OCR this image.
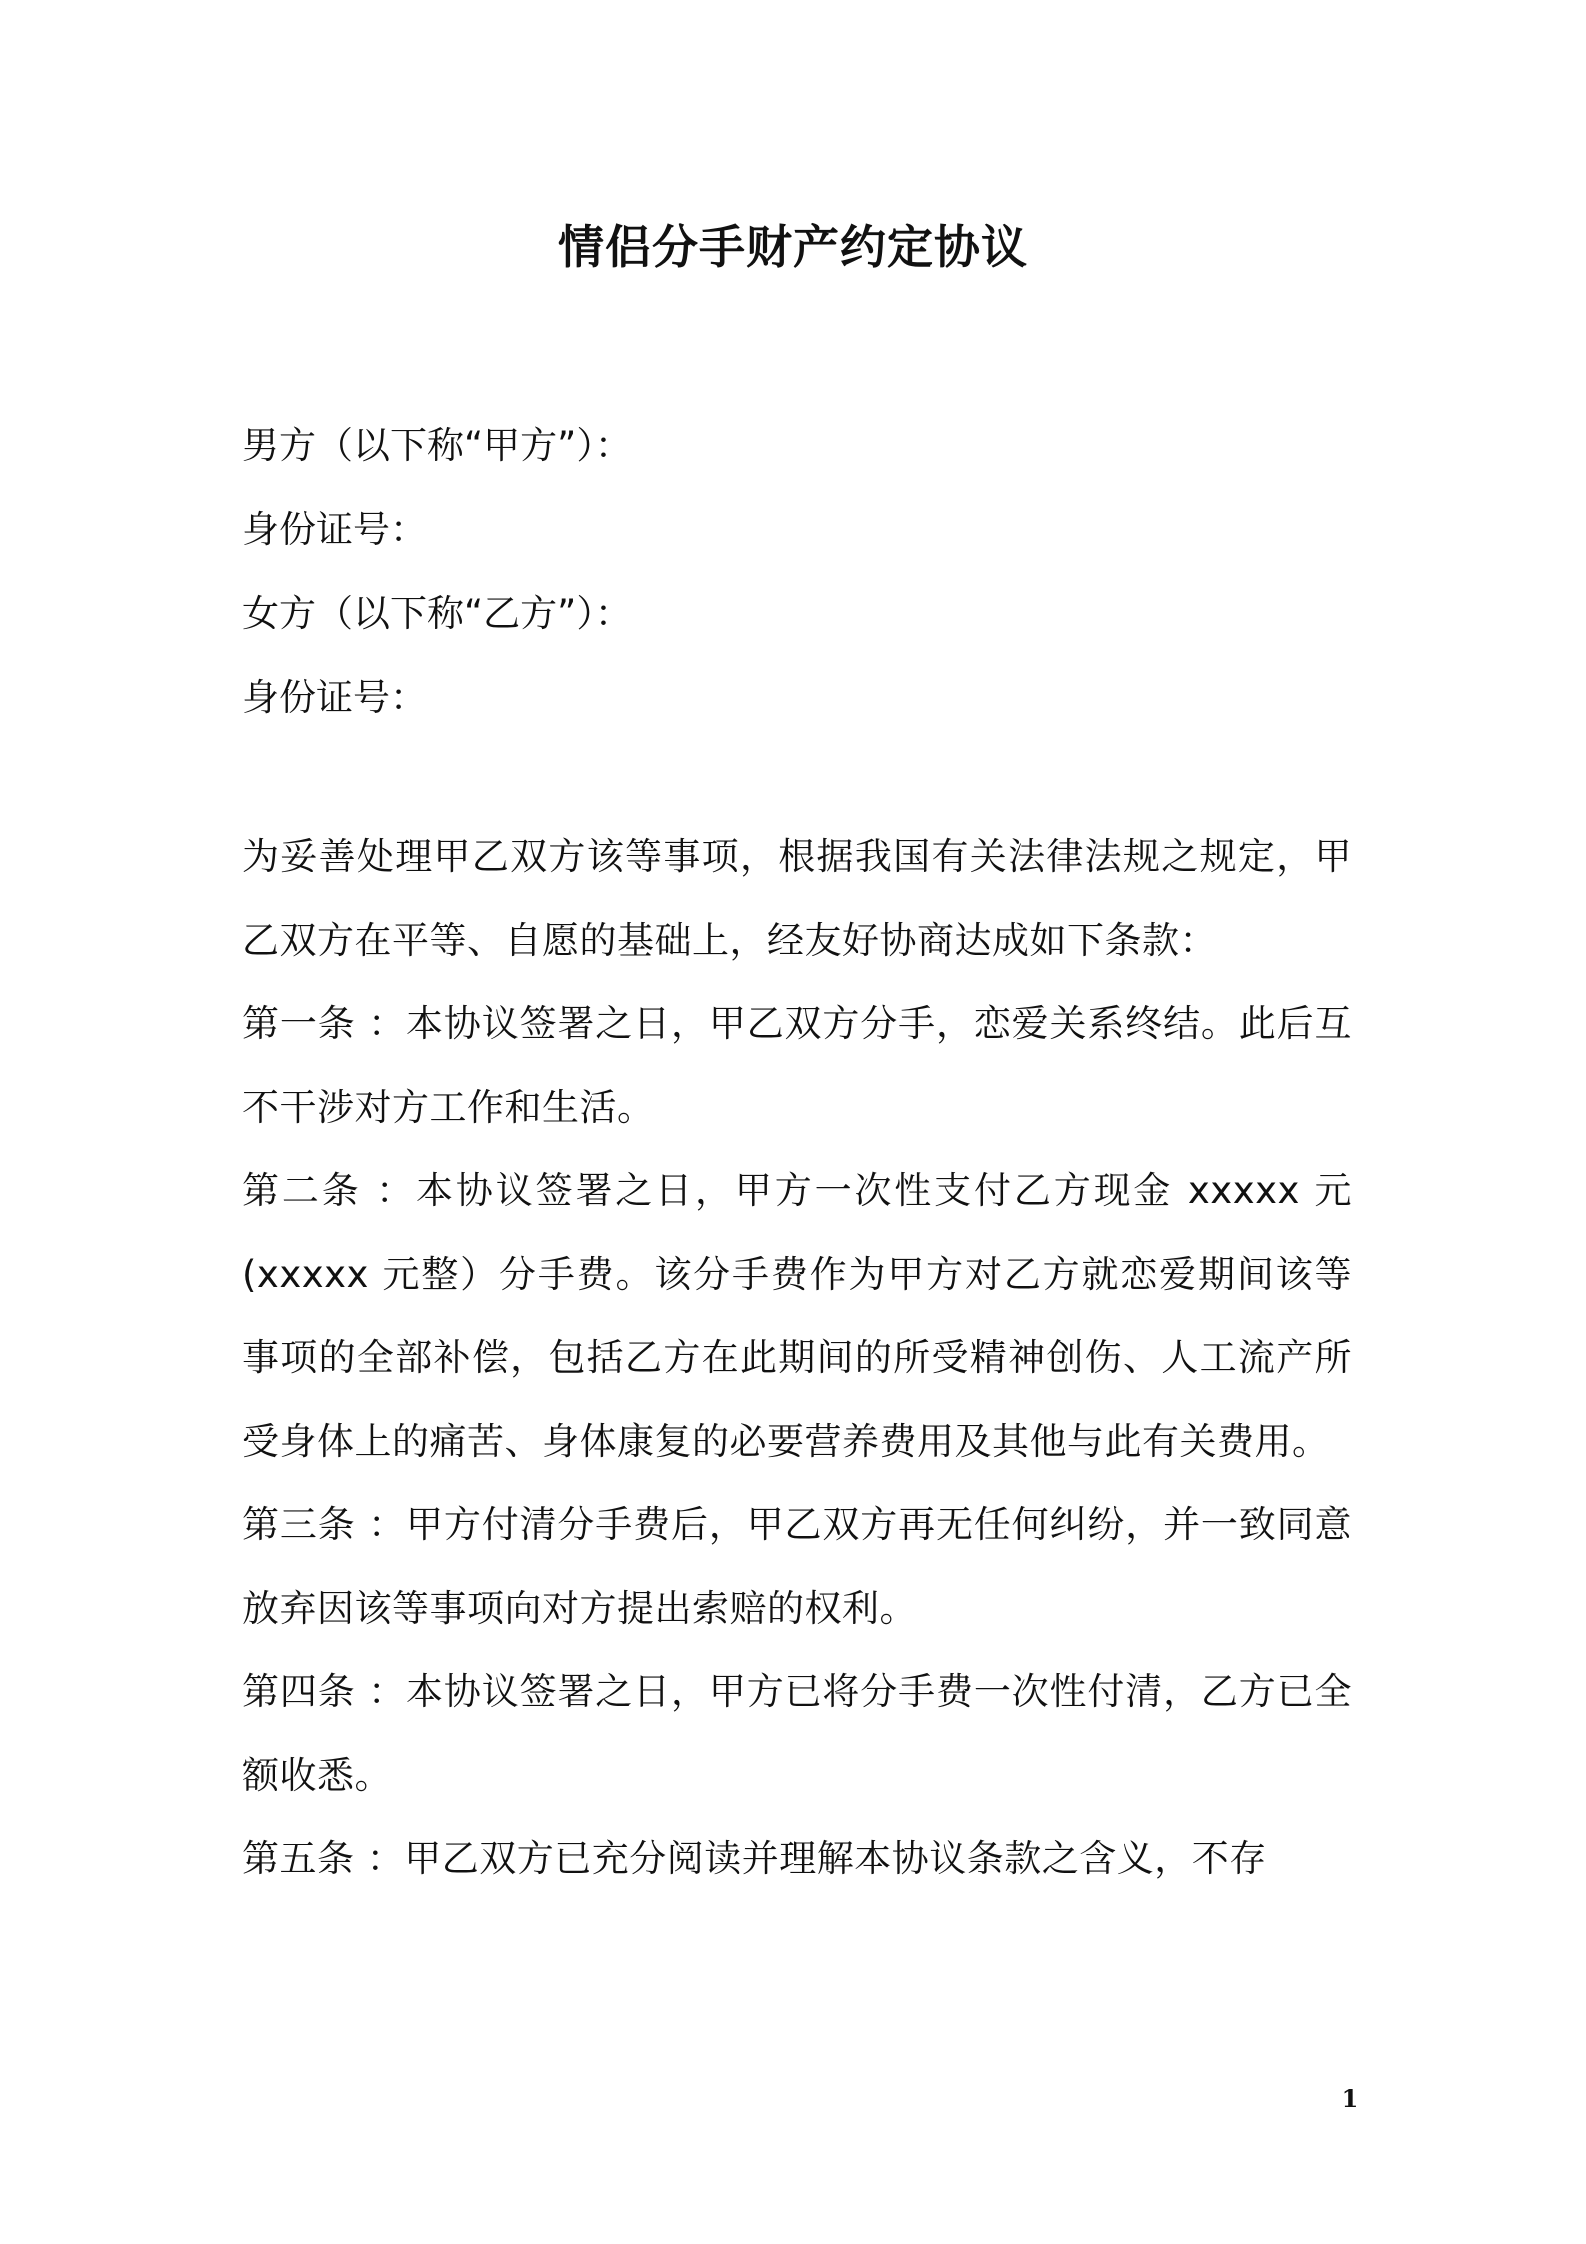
情侣分手财产约定协议
男方（以下称“甲方”）：
身份证号：
女方（以下称“乙方”）：
身份证号：

为妥善处理甲乙双方该等事项，根据我国有关法律法规之规定，甲乙双方在平等、自愿的基础上，经友好协商达成如下条款：

第一条 ：本协议签署之日，甲乙双方分手，恋爱关系终结。此后互不干涉对方工作和生活。

第二条 ：本协议签署之日，甲方一次性支付乙方现金 xxxxx 元(xxxxx 元整）分手费。该分手费作为甲方对乙方就恋爱期间该等事项的全部补偿，包括乙方在此期间的所受精神创伤、人工流产所受身体上的痛苦、身体康复的必要营养费用及其他与此有关费用。

第三条 ：甲方付清分手费后，甲乙双方再无任何纠纷，并一致同意放弃因该等事项向对方提出索赔的权利。

第四条 ：本协议签署之日，甲方已将分手费一次性付清，乙方已全额收悉。

第五条 ：甲乙双方已充分阅读并理解本协议条款之含义，不存

1
